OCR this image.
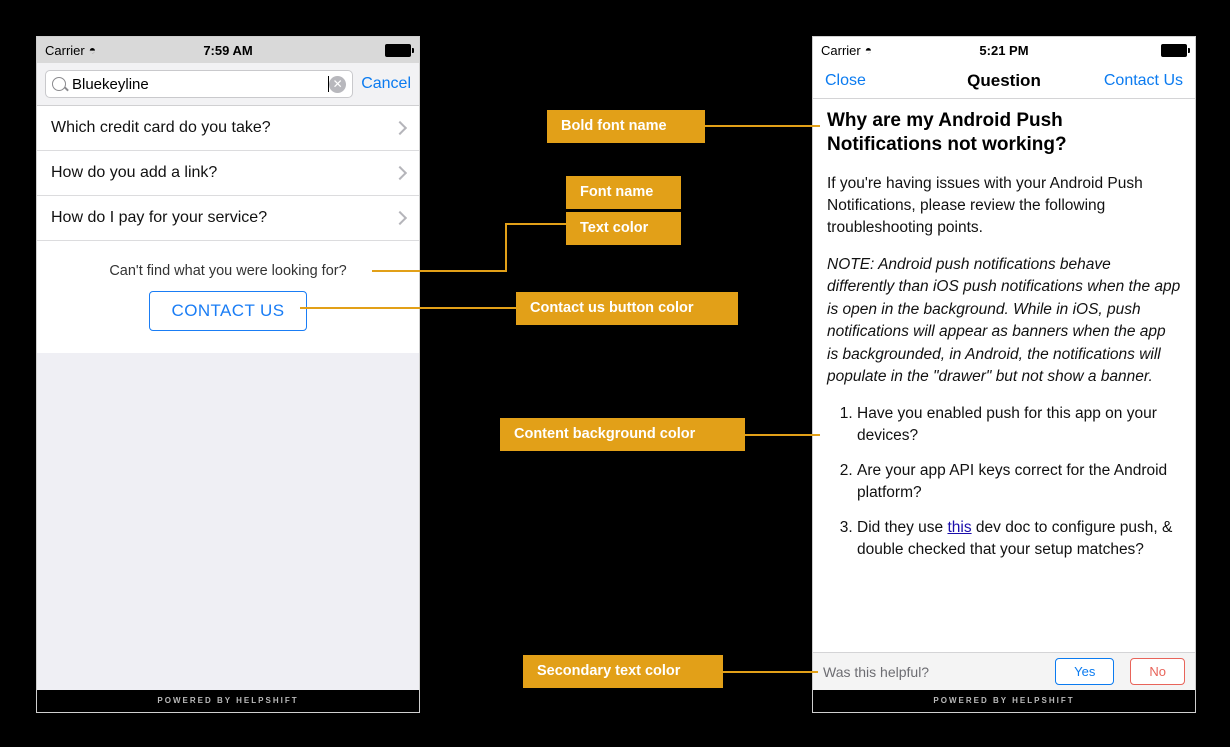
Carrier ◓	7:59 AM
Bluekeyline	✕ Cancel
Which credit card do you take?
How do you add a link?
How do I pay for your service?
Can't find what you were looking for?
CONTACT US
POWERED BY HELPSHIFT
Carrier ◓	5:21 PM
Close	Question	Contact Us
Why are my Android Push Notifications not working?
If you're having issues with your Android Push Notifications, please review the following troubleshooting points.
NOTE: Android push notifications behave differently than iOS push notifications when the app is open in the background. While in iOS, push notifications will appear as banners when the app is backgrounded, in Android, the notifications will populate in the "drawer" but not show a banner.
1. Have you enabled push for this app on your devices?
2. Are your app API keys correct for the Android platform?
3. Did they use this dev doc to configure push, & double checked that your setup matches?
Was this helpful?	Yes	No
POWERED BY HELPSHIFT
Bold font name
Font name
Text color
Contact us button color
Content background color
Secondary text color
